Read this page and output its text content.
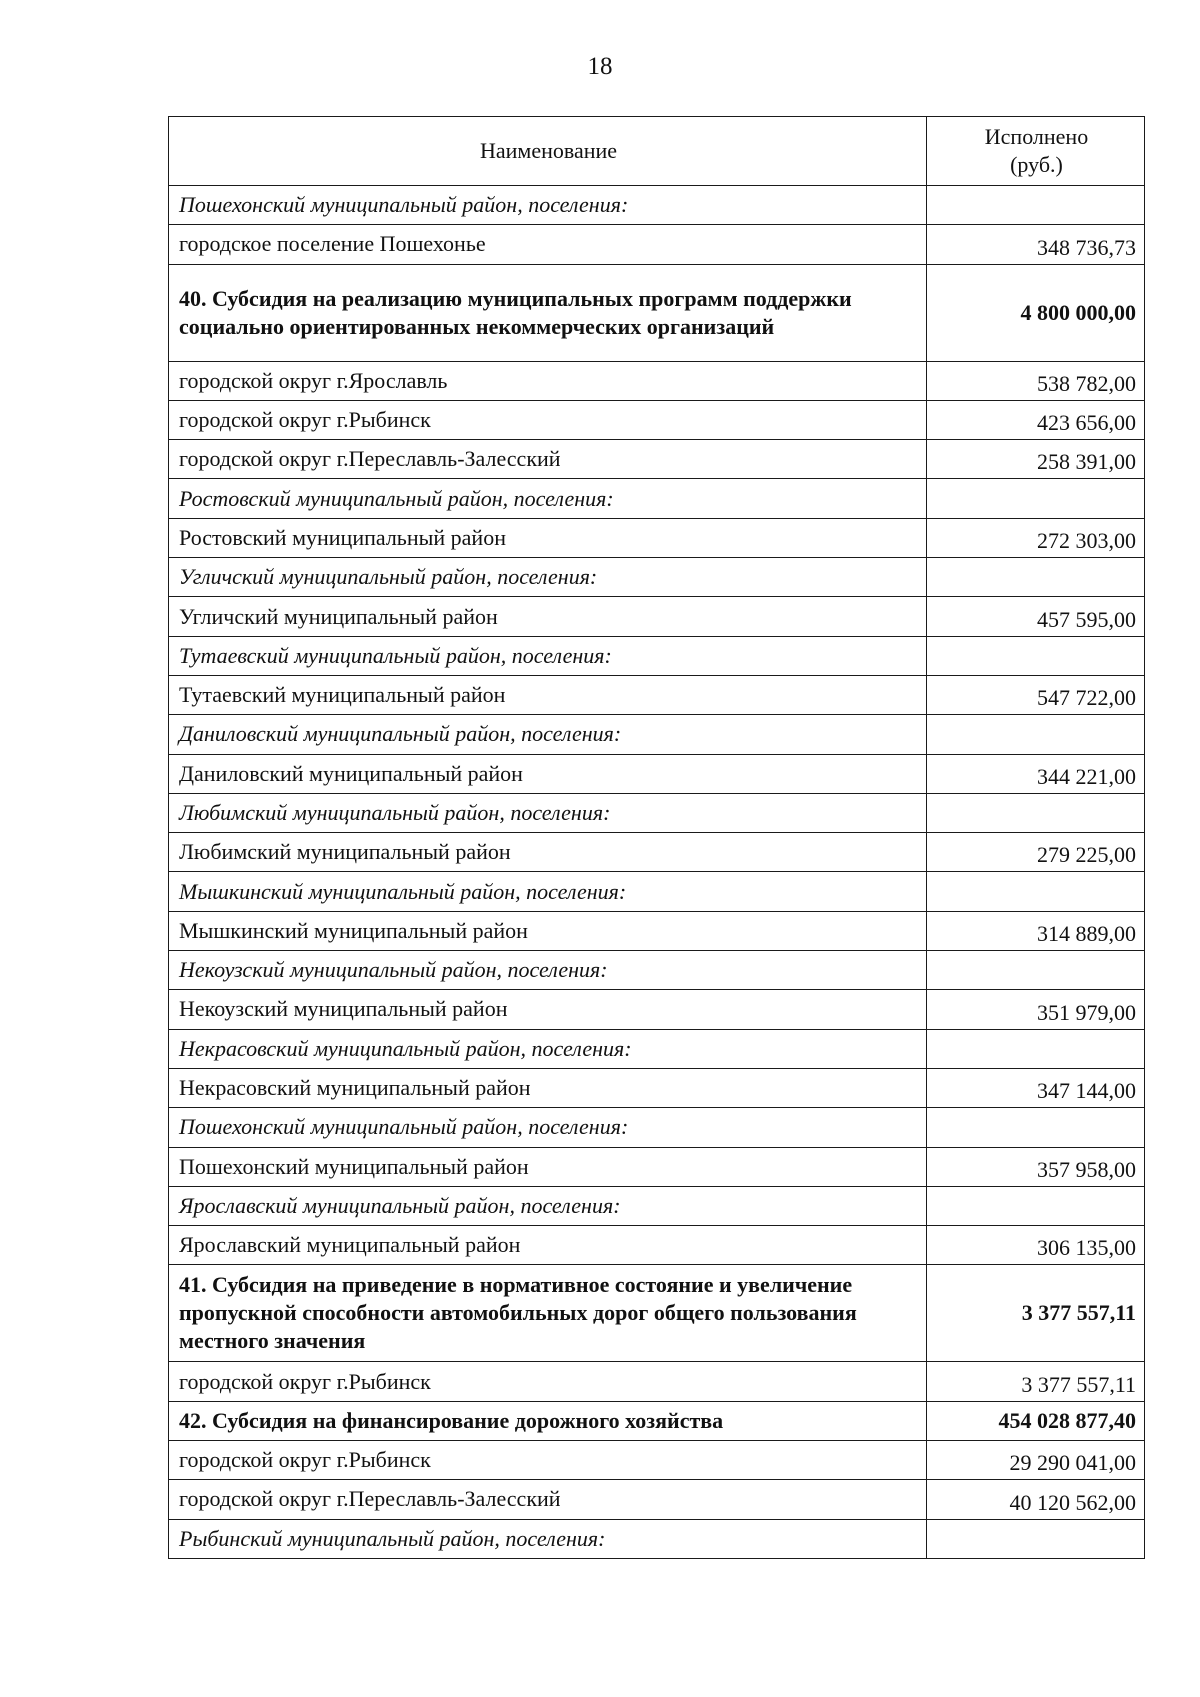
18
Наименование	Исполнено (руб.)
Пошехонский муниципальный район, поселения:	
городское поселение Пошехонье	348 736,73
40. Субсидия на реализацию муниципальных программ поддержки социально ориентированных некоммерческих организаций	4 800 000,00
городской округ г.Ярославль	538 782,00
городской округ г.Рыбинск	423 656,00
городской округ г.Переславль-Залесский	258 391,00
Ростовский муниципальный район, поселения:	
Ростовский муниципальный район	272 303,00
Угличский муниципальный район, поселения:	
Угличский муниципальный район	457 595,00
Тутаевский муниципальный район, поселения:	
Тутаевский муниципальный район	547 722,00
Даниловский муниципальный район, поселения:	
Даниловский муниципальный район	344 221,00
Любимский муниципальный район, поселения:	
Любимский муниципальный район	279 225,00
Мышкинский муниципальный район, поселения:	
Мышкинский муниципальный район	314 889,00
Некоузский муниципальный район, поселения:	
Некоузский муниципальный район	351 979,00
Некрасовский муниципальный район, поселения:	
Некрасовский муниципальный район	347 144,00
Пошехонский муниципальный район, поселения:	
Пошехонский муниципальный район	357 958,00
Ярославский муниципальный район, поселения:	
Ярославский муниципальный район	306 135,00
41. Субсидия на приведение в нормативное состояние и увеличение пропускной способности автомобильных дорог общего пользования местного значения	3 377 557,11
городской округ г.Рыбинск	3 377 557,11
42. Субсидия на финансирование дорожного хозяйства	454 028 877,40
городской округ г.Рыбинск	29 290 041,00
городской округ г.Переславль-Залесский	40 120 562,00
Рыбинский муниципальный район, поселения:	
